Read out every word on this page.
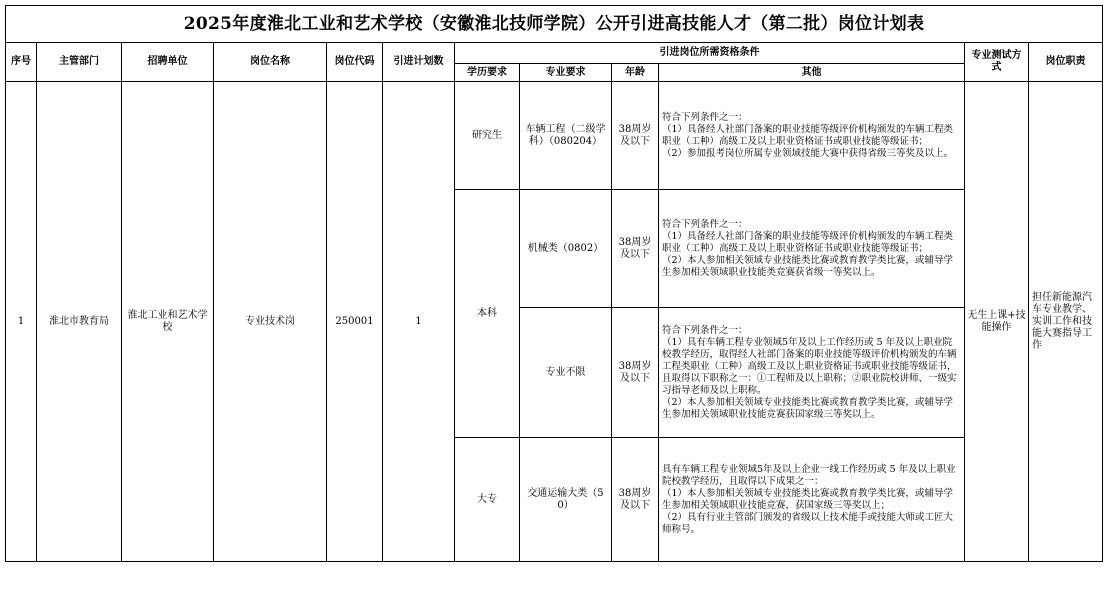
2025年度淮北工业和艺术学校（安徽淮北技师学院）公开引进高技能人才（第二批）岗位计划表											
序号	主管部门	招聘单位	岗位名称	岗位代码	引进计划数	引进岗位所需资格条件				专业测试方式	岗位职责
						学历要求	专业要求	年龄	其他		
1	淮北市教育局	淮北工业和艺术学校	专业技术岗	250001	1	研究生	车辆工程（二级学科）（080204）	38周岁及以下	符合下列条件之一：
（1）具备经人社部门备案的职业技能等级评价机构颁发的车辆工程类职业（工种）高级工及以上职业资格证书或职业技能等级证书；
（2）参加报考岗位所属专业领域技能大赛中获得省级三等奖及以上。	无生上课+技能操作	担任新能源汽车专业教学、实训工作和技能大赛指导工作
						本科	机械类（0802）	38周岁及以下	符合下列条件之一：
（1）具备经人社部门备案的职业技能等级评价机构颁发的车辆工程类职业（工种）高级工及以上职业资格证书或职业技能等级证书；
（2）本人参加相关领域专业技能类比赛或教育教学类比赛，或辅导学生参加相关领域职业技能类竞赛获省级一等奖以上。		
							专业不限	38周岁及以下	符合下列条件之一：
（1）具有车辆工程专业领域5年及以上工作经历或 5 年及以上职业院校教学经历，取得经人社部门备案的职业技能等级评价机构颁发的车辆工程类职业（工种）高级工及以上职业资格证书或职业技能等级证书，且取得以下职称之一：①工程师及以上职称；②职业院校讲师、一级实习指导老师及以上职称。
（2）本人参加相关领域专业技能类比赛或教育教学类比赛，或辅导学生参加相关领域职业技能竞赛获国家级三等奖以上。		
						大专	交通运输大类（50）	38周岁及以下	具有车辆工程专业领域5年及以上企业一线工作经历或 5 年及以上职业院校教学经历，且取得以下成果之一：
（1）本人参加相关领域专业技能类比赛或教育教学类比赛，或辅导学生参加相关领域职业技能竞赛，获国家级三等奖以上；
（2）具有行业主管部门颁发的省级以上技术能手或技能大师或工匠大师称号。		
